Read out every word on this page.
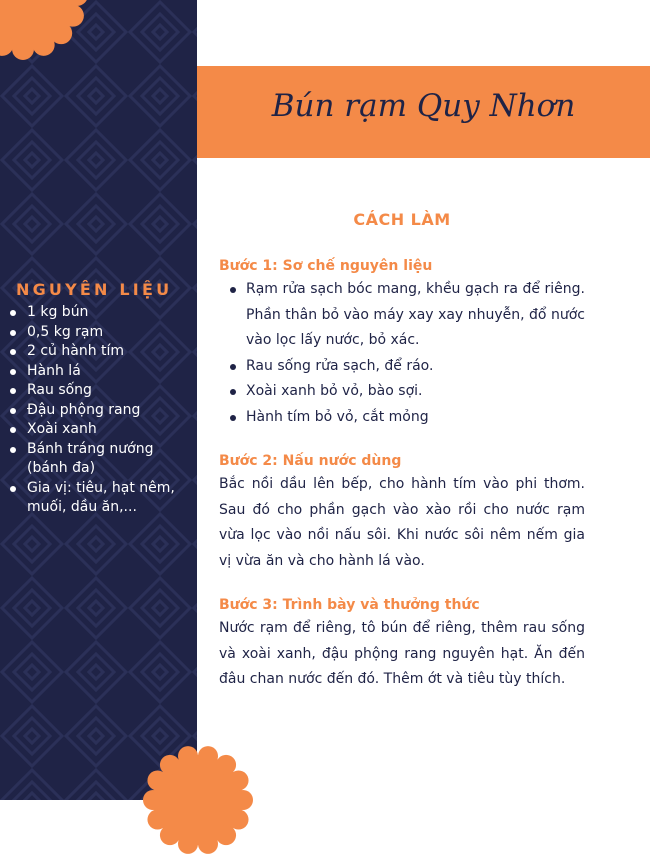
NGUYÊN LIỆU
1 kg bún
0,5 kg rạm
2 củ hành tím
Hành lá
Rau sống
Đậu phộng rang
Xoài xanh
Bánh tráng nướng (bánh đa)
Gia vị: tiêu, hạt nêm, muối, dầu ăn,...
Bún rạm Quy Nhơn
CÁCH LÀM
Bước 1: Sơ chế nguyên liệu
Rạm rửa sạch bóc mang, khều gạch ra để riêng. Phần thân bỏ vào máy xay xay nhuyễn, đổ nước vào lọc lấy nước, bỏ xác.
Rau sống rửa sạch, để ráo.
Xoài xanh bỏ vỏ, bào sợi.
Hành tím bỏ vỏ, cắt mỏng
Bước 2: Nấu nước dùng

Bắc nồi dầu lên bếp, cho hành tím vào phi thơm. Sau đó cho phần gạch vào xào rồi cho nước rạm vừa lọc vào nồi nấu sôi. Khi nước sôi nêm nếm gia vị vừa ăn và cho hành lá vào.

Bước 3: Trình bày và thưởng thức

Nước rạm để riêng, tô bún để riêng, thêm rau sống và xoài xanh, đậu phộng rang nguyên hạt. Ăn đến đâu chan nước đến đó. Thêm ớt và tiêu tùy thích.
